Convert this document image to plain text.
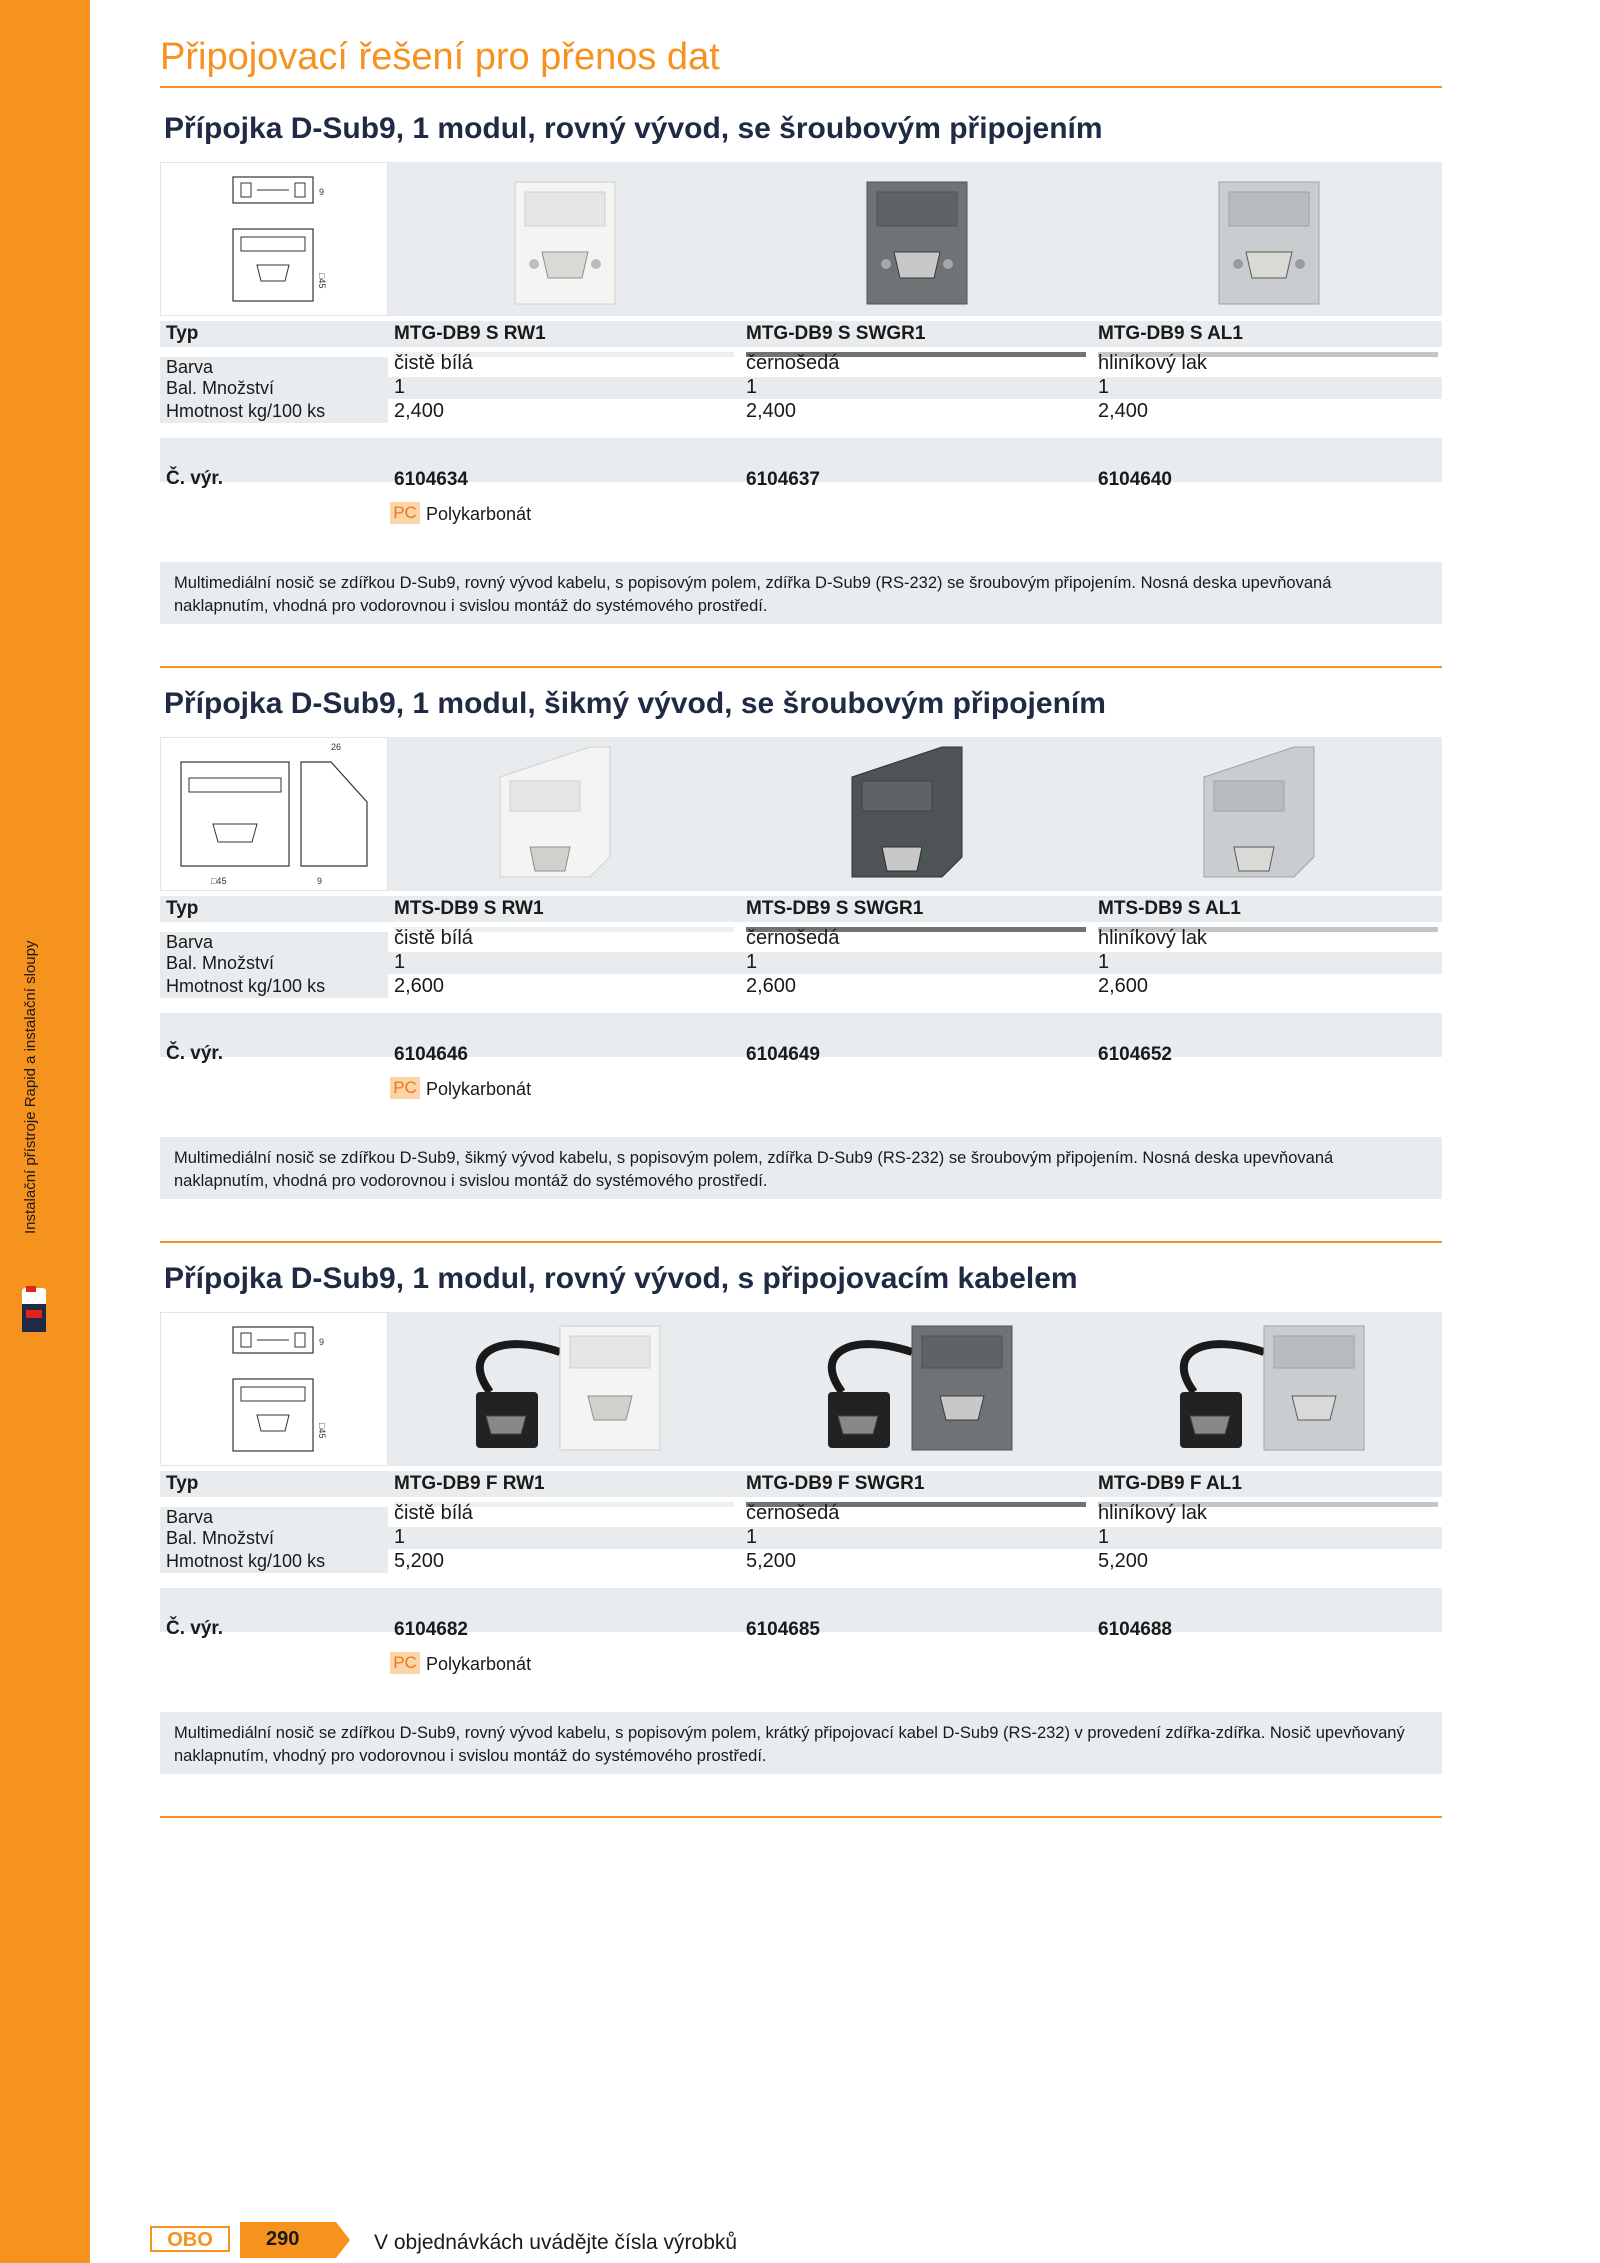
Instalační přístroje Rapid a instalační sloupy
Připojovací řešení pro přenos dat
Přípojka D-Sub9, 1 modul, rovný vývod, se šroubovým připojením
9
□45
Typ	MTG-DB9 S RW1	MTG-DB9 S SWGR1	MTG-DB9 S AL1
Barva	čistě bílá	černošedá	hliníkový lak
Bal. Množství	1	1	1
Hmotnost kg/100 ks	2,400	2,400	2,400
Č. výr.	6104634	6104637	6104640
PC Polykarbonát
Multimediální nosič se zdířkou D-Sub9, rovný vývod kabelu, s popisovým polem, zdířka D-Sub9 (RS-232) se šroubovým připojením. Nosná deska upevňovaná naklapnutím, vhodná pro vodorovnou i svislou montáž do systémového prostředí.
Přípojka D-Sub9, 1 modul, šikmý vývod, se šroubovým připojením
26
□45	9
Typ	MTS-DB9 S RW1	MTS-DB9 S SWGR1	MTS-DB9 S AL1
Barva	čistě bílá	černošedá	hliníkový lak
Bal. Množství	1	1	1
Hmotnost kg/100 ks	2,600	2,600	2,600
Č. výr.	6104646	6104649	6104652
PC Polykarbonát
Multimediální nosič se zdířkou D-Sub9, šikmý vývod kabelu, s popisovým polem, zdířka D-Sub9 (RS-232) se šroubovým připojením. Nosná deska upevňovaná naklapnutím, vhodná pro vodorovnou i svislou montáž do systémového prostředí.
Přípojka D-Sub9, 1 modul, rovný vývod, s připojovacím kabelem
9
□45
Typ	MTG-DB9 F RW1	MTG-DB9 F SWGR1	MTG-DB9 F AL1
Barva	čistě bílá	černošedá	hliníkový lak
Bal. Množství	1	1	1
Hmotnost kg/100 ks	5,200	5,200	5,200
Č. výr.	6104682	6104685	6104688
PC Polykarbonát
Multimediální nosič se zdířkou D-Sub9, rovný vývod kabelu, s popisovým polem, krátký připojovací kabel D-Sub9 (RS-232) v provedení zdířka-zdířka. Nosič upevňovaný naklapnutím, vhodný pro vodorovnou i svislou montáž do systémového prostředí.
OBO	290	V objednávkách uvádějte čísla výrobků
